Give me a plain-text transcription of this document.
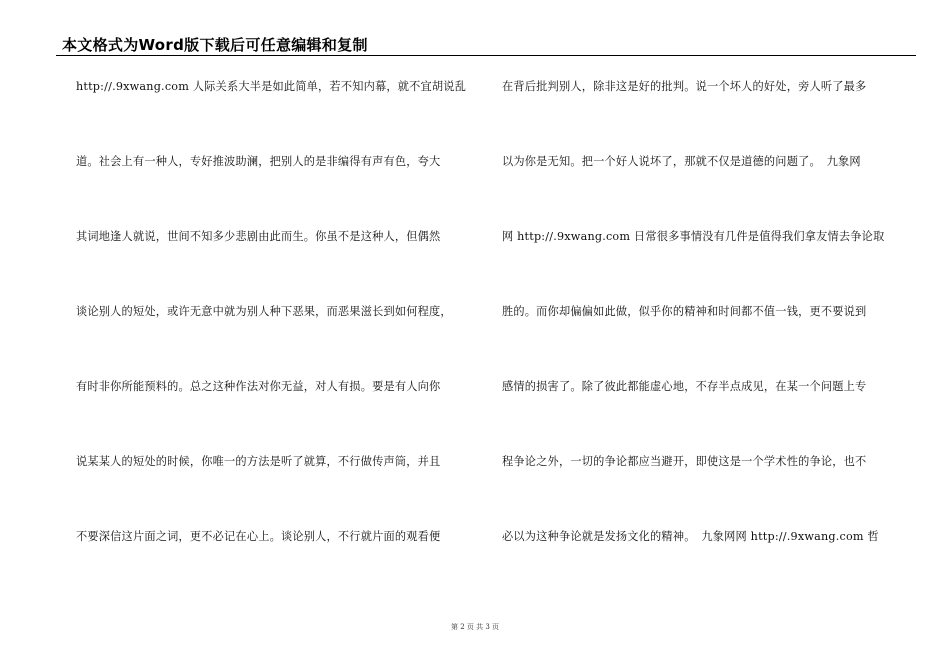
本文格式为Word版下载后可任意编辑和复制
http://.9xwang.com 人际关系大半是如此简单，若不知内幕，就不宜胡说乱
道。社会上有一种人，专好推波助澜，把别人的是非编得有声有色，夸大
其词地逢人就说，世间不知多少悲剧由此而生。你虽不是这种人，但偶然
谈论别人的短处，或许无意中就为别人种下恶果，而恶果滋长到如何程度，
有时非你所能预料的。总之这种作法对你无益，对人有损。要是有人向你
说某某人的短处的时候，你唯一的方法是听了就算，不行做传声筒，并且
不要深信这片面之词，更不必记在心上。谈论别人，不行就片面的观看便
在背后批判别人，除非这是好的批判。说一个坏人的好处，旁人听了最多
以为你是无知。把一个好人说坏了，那就不仅是道德的问题了。　九象网
网 http://.9xwang.com 日常很多事情没有几件是值得我们拿友情去争论取
胜的。而你却偏偏如此做，似乎你的精神和时间都不值一钱，更不要说到
感情的损害了。除了彼此都能虚心地，不存半点成见，在某一个问题上专
程争论之外，一切的争论都应当避开，即使这是一个学术性的争论，也不
必以为这种争论就是发扬文化的精神。　九象网网 http://.9xwang.com 哲
第 2 页 共 3 页
